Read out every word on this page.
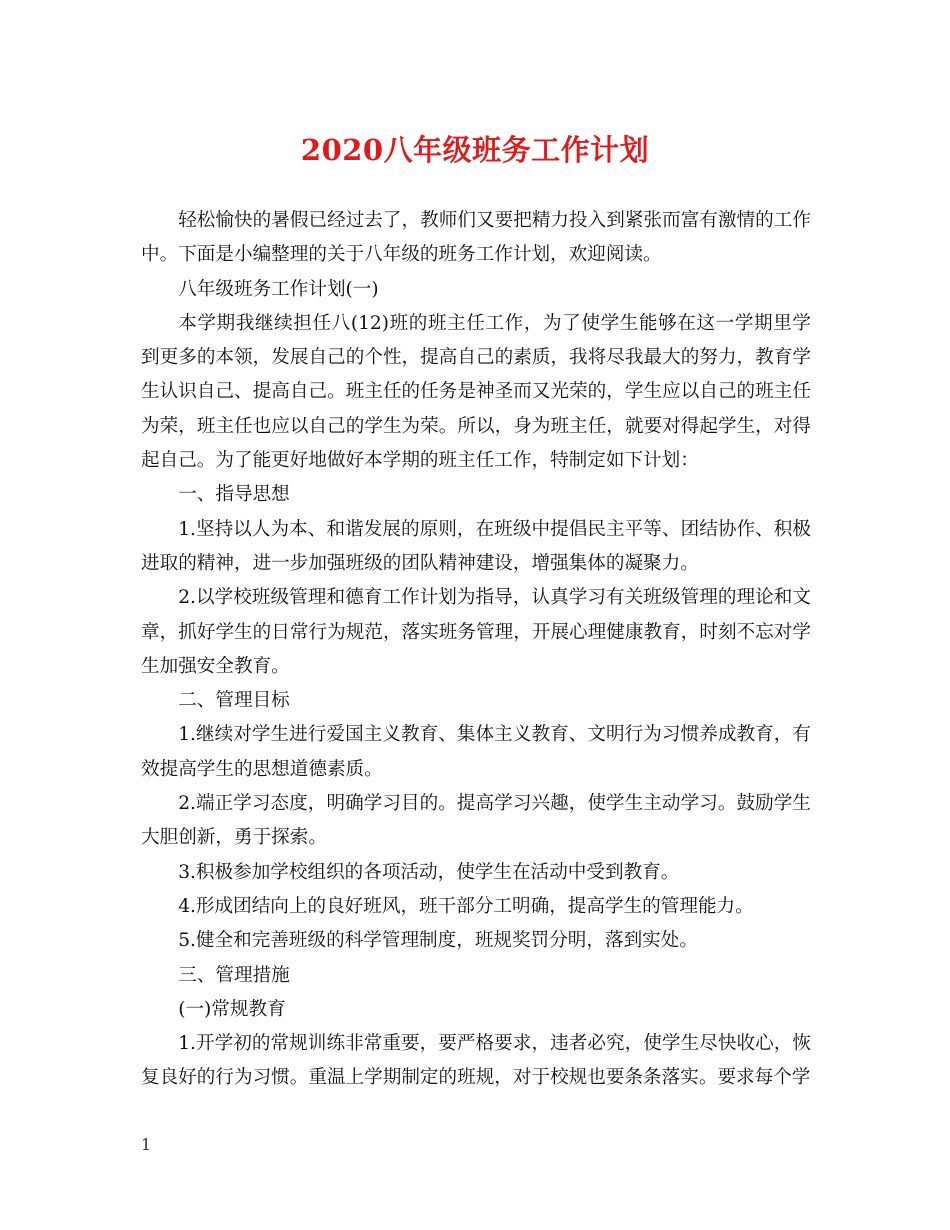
2020八年级班务工作计划

轻松愉快的暑假已经过去了，教师们又要把精力投入到紧张而富有激情的工作中。下面是小编整理的关于八年级的班务工作计划，欢迎阅读。

八年级班务工作计划(一)

本学期我继续担任八(12)班的班主任工作，为了使学生能够在这一学期里学到更多的本领，发展自己的个性，提高自己的素质，我将尽我最大的努力，教育学生认识自己、提高自己。班主任的任务是神圣而又光荣的，学生应以自己的班主任为荣，班主任也应以自己的学生为荣。所以，身为班主任，就要对得起学生，对得起自己。为了能更好地做好本学期的班主任工作，特制定如下计划：

一、指导思想

1.坚持以人为本、和谐发展的原则，在班级中提倡民主平等、团结协作、积极进取的精神，进一步加强班级的团队精神建设，增强集体的凝聚力。

2.以学校班级管理和德育工作计划为指导，认真学习有关班级管理的理论和文章，抓好学生的日常行为规范，落实班务管理，开展心理健康教育，时刻不忘对学生加强安全教育。

二、管理目标

1.继续对学生进行爱国主义教育、集体主义教育、文明行为习惯养成教育，有效提高学生的思想道德素质。

2.端正学习态度，明确学习目的。提高学习兴趣，使学生主动学习。鼓励学生大胆创新，勇于探索。

3.积极参加学校组织的各项活动，使学生在活动中受到教育。

4.形成团结向上的良好班风，班干部分工明确，提高学生的管理能力。

5.健全和完善班级的科学管理制度，班规奖罚分明，落到实处。

三、管理措施

(一)常规教育

1.开学初的常规训练非常重要，要严格要求，违者必究，使学生尽快收心，恢复良好的行为习惯。重温上学期制定的班规，对于校规也要条条落实。要求每个学

1
